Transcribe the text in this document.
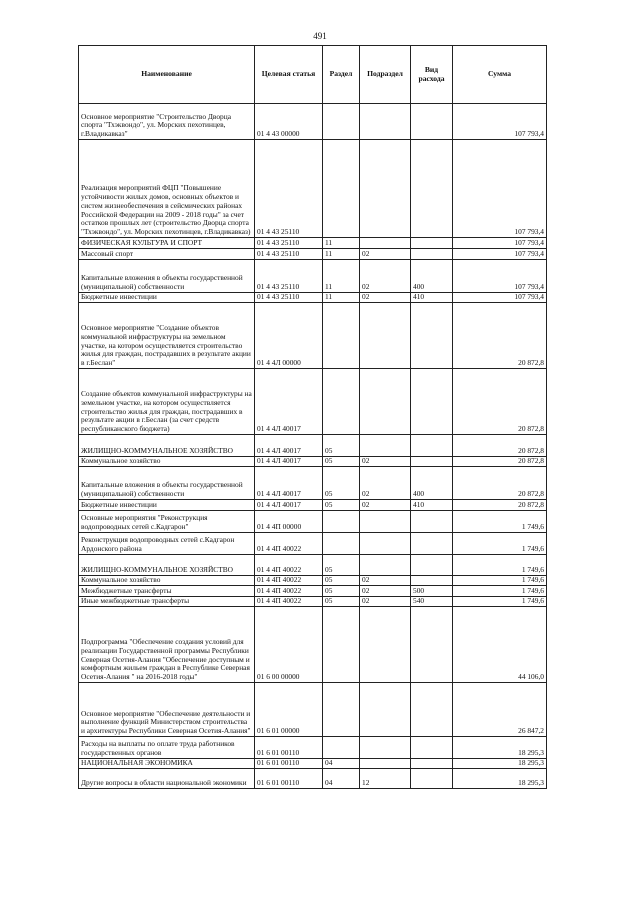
491
Наименование	Целевая статья	Раздел	Подраздел	Вид расхода	Сумма
Основное мероприятие "Строительство Дворца спорта "Тхэквондо", ул. Морских пехотинцев, г.Владикавказ"	01 4 43 00000				107 793,4
Реализация мероприятий ФЦП "Повышение устойчивости жилых домов, основных объектов и систем жизнеобеспечения в сейсмических районах Российской Федерации на 2009 - 2018 годы" за счет остатков прошлых лет (строительство Дворца спорта "Тхэквондо", ул. Морских пехотинцев, г.Владикавказ)	01 4 43 25110				107 793,4
ФИЗИЧЕСКАЯ КУЛЬТУРА И СПОРТ	01 4 43 25110	11			107 793,4
Массовый спорт	01 4 43 25110	11	02		107 793,4
Капитальные вложения в объекты государственной (муниципальной) собственности	01 4 43 25110	11	02	400	107 793,4
Бюджетные инвестиции	01 4 43 25110	11	02	410	107 793,4
Основное мероприятие "Создание объектов коммунальной инфраструктуры на земельном участке, на котором осуществляется строительство жилья для граждан, пострадавших в результате акции в г.Беслан"	01 4 4Л 00000				20 872,8
Создание объектов коммунальной инфраструктуры на земельном участке, на котором осуществляется строительство жилья для граждан, пострадавших в результате акции в г.Беслан (за счет средств республиканского бюджета)	01 4 4Л 40017				20 872,8
ЖИЛИЩНО-КОММУНАЛЬНОЕ ХОЗЯЙСТВО	01 4 4Л 40017	05			20 872,8
Коммунальное хозяйство	01 4 4Л 40017	05	02		20 872,8
Капитальные вложения в объекты государственной (муниципальной) собственности	01 4 4Л 40017	05	02	400	20 872,8
Бюджетные инвестиции	01 4 4Л 40017	05	02	410	20 872,8
Основные мероприятия "Реконструкция водопроводных сетей с.Кадгарон"	01 4 4П 00000				1 749,6
Реконструкция водопроводных сетей с.Кадгарон Ардонского района	01 4 4П 40022				1 749,6
ЖИЛИЩНО-КОММУНАЛЬНОЕ ХОЗЯЙСТВО	01 4 4П 40022	05			1 749,6
Коммунальное хозяйство	01 4 4П 40022	05	02		1 749,6
Межбюджетные трансферты	01 4 4П 40022	05	02	500	1 749,6
Иные межбюджетные трансферты	01 4 4П 40022	05	02	540	1 749,6
Подпрограмма "Обеспечение создания условий для реализации Государственной программы Республики Северная Осетия-Алания "Обеспечение доступным и комфортным жильем граждан в Республике Северная Осетия-Алания " на 2016-2018 годы"	01 6 00 00000				44 106,0
Основное мероприятие "Обеспечение деятельности и выполнение функций Министерством строительства и архитектуры Республики Северная Осетия-Алания"	01 6 01 00000				26 847,2
Расходы на выплаты по оплате труда работников государственных органов	01 6 01 00110				18 295,3
НАЦИОНАЛЬНАЯ ЭКОНОМИКА	01 6 01 00110	04			18 295,3
Другие вопросы в области национальной экономики	01 6 01 00110	04	12		18 295,3
